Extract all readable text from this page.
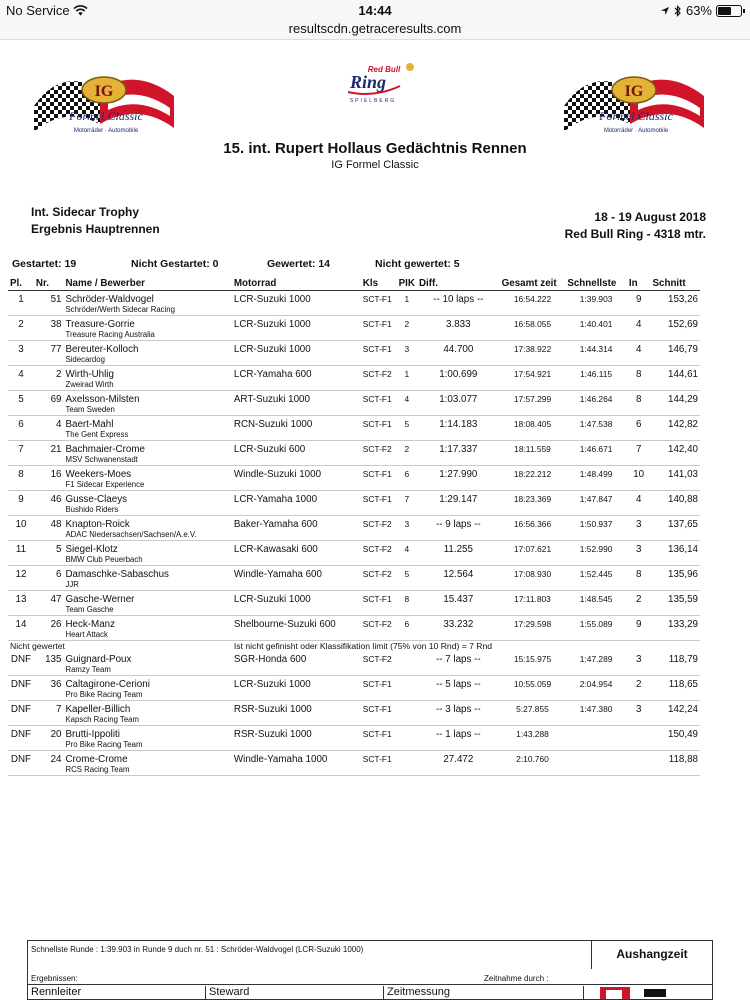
No Service	14:44	63%
resultscdn.getraceresults.com
IG
Formel Classic
Motorräder · Automobile
Red Bull
Ring
SPIELBERG
IG
Formel Classic
Motorräder · Automobile
15. int. Rupert Hollaus Gedächtnis Rennen
IG Formel Classic
Int. Sidecar Trophy
Ergebnis Hauptrennen
18 - 19 August 2018
Red Bull Ring - 4318 mtr.
Gestartet: 19	Nicht Gestartet: 0	Gewertet: 14	Nicht gewertet: 5
Pl.	Nr.	Name / Bewerber	Motorrad	Kls	PIK	Diff.	Gesamt zeit	Schnellste	In	Schnitt
1	51	Schröder-Waldvogel	LCR-Suzuki 1000	SCT-F1	1	-- 10 laps --	16:54.222	1:39.903	9	153,26
		Schröder/Werth Sidecar Racing								
2	38	Treasure-Gorrie	LCR-Suzuki 1000	SCT-F1	2	3.833	16:58.055	1:40.401	4	152,69
		Treasure Racing Australia								
3	77	Bereuter-Kolloch	LCR-Suzuki 1000	SCT-F1	3	44.700	17:38.922	1:44.314	4	146,79
		Sidecardog								
4	2	Wirth-Uhlig	LCR-Yamaha 600	SCT-F2	1	1:00.699	17:54.921	1:46.115	8	144,61
		Zweirad Wirth								
5	69	Axelsson-Milsten	ART-Suzuki 1000	SCT-F1	4	1:03.077	17:57.299	1:46.264	8	144,29
		Team Sweden								
6	4	Baert-Mahl	RCN-Suzuki 1000	SCT-F1	5	1:14.183	18:08.405	1:47.538	6	142,82
		The Gent Express								
7	21	Bachmaier-Crome	LCR-Suzuki 600	SCT-F2	2	1:17.337	18:11.559	1:46.671	7	142,40
		MSV Schwanenstadt								
8	16	Weekers-Moes	Windle-Suzuki 1000	SCT-F1	6	1:27.990	18:22.212	1:48.499	10	141,03
		F1 Sidecar Experience								
9	46	Gusse-Claeys	LCR-Yamaha 1000	SCT-F1	7	1:29.147	18:23.369	1:47.847	4	140,88
		Bushido Riders								
10	48	Knapton-Roick	Baker-Yamaha 600	SCT-F2	3	-- 9 laps --	16:56.366	1:50.937	3	137,65
		ADAC Niedersachsen/Sachsen/A.e.V.								
11	5	Siegel-Klotz	LCR-Kawasaki 600	SCT-F2	4	11.255	17:07.621	1:52.990	3	136,14
		BMW Club Peuerbach								
12	6	Damaschke-Sabaschus	Windle-Yamaha 600	SCT-F2	5	12.564	17:08.930	1:52.445	8	135,96
		JJR								
13	47	Gasche-Werner	LCR-Suzuki 1000	SCT-F1	8	15.437	17:11.803	1:48.545	2	135,59
		Team Gasche								
14	26	Heck-Manz	Shelbourne-Suzuki 600	SCT-F2	6	33.232	17:29.598	1:55.089	9	133,29
		Heart Attack								
Nicht gewertet			Ist nicht gefinisht oder Klassifikation limit (75% von 10 Rnd) = 7 Rnd							
DNF	135	Guignard-Poux	SGR-Honda 600	SCT-F2		-- 7 laps --	15:15.975	1:47.289	3	118,79
		Ramzy Team								
DNF	36	Caltagirone-Cerioni	LCR-Suzuki 1000	SCT-F1		-- 5 laps --	10:55.059	2:04.954	2	118,65
		Pro Bike Racing Team								
DNF	7	Kapeller-Billich	RSR-Suzuki 1000	SCT-F1		-- 3 laps --	5:27.855	1:47.380	3	142,24
		Kapsch Racing Team								
DNF	20	Brutti-Ippoliti	RSR-Suzuki 1000	SCT-F1		-- 1 laps --	1:43.288			150,49
		Pro Bike Racing Team								
DNF	24	Crome-Crome	Windle-Yamaha 1000	SCT-F1		27.472	2:10.760			118,88
		RCS Racing Team								
Schnellste Runde : 1:39.903 in Runde 9 duch nr. 51 : Schröder-Waldvogel (LCR-Suzuki 1000)	Aushangzeit
Ergebnissen:	Zeitnahme durch :
Rennleiter	Steward	Zeitmessung
